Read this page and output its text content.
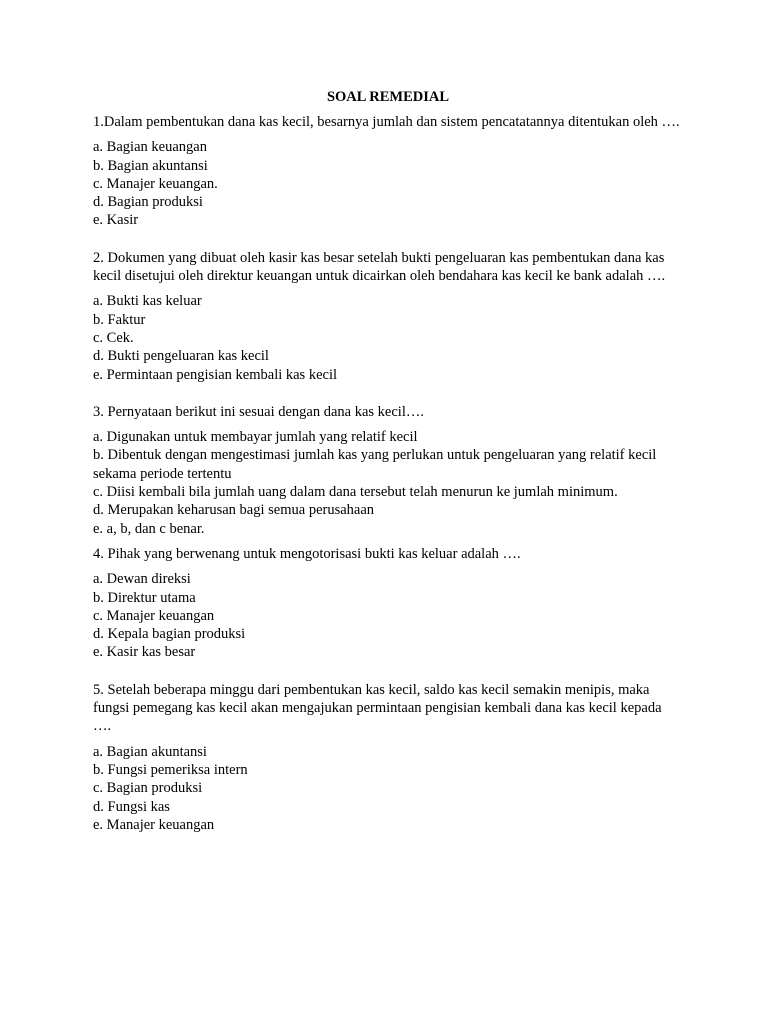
SOAL REMEDIAL

1.Dalam pembentukan dana kas kecil, besarnya jumlah dan sistem pencatatannya ditentukan oleh ….

a. Bagian keuangan
b. Bagian akuntansi
c. Manajer keuangan.
d. Bagian produksi
e. Kasir

2. Dokumen yang dibuat oleh kasir kas besar setelah bukti pengeluaran kas pembentukan dana kas kecil disetujui oleh direktur keuangan untuk dicairkan oleh bendahara kas kecil ke bank adalah ….

a. Bukti kas keluar
b. Faktur
c. Cek.
d. Bukti pengeluaran kas kecil
e. Permintaan pengisian kembali kas kecil

3. Pernyataan berikut ini sesuai dengan dana kas kecil….

a. Digunakan untuk membayar jumlah yang relatif kecil
b. Dibentuk dengan mengestimasi jumlah kas yang perlukan untuk pengeluaran yang relatif kecil sekama periode tertentu
c. Diisi kembali bila jumlah uang dalam dana tersebut telah menurun ke jumlah minimum.
d. Merupakan keharusan bagi semua perusahaan
e. a, b, dan c benar.

4. Pihak yang berwenang untuk mengotorisasi bukti kas keluar adalah ….

a. Dewan direksi
b. Direktur utama
c. Manajer keuangan
d. Kepala bagian produksi
e. Kasir kas besar

5. Setelah beberapa minggu dari pembentukan kas kecil, saldo kas kecil semakin menipis, maka fungsi pemegang kas kecil akan mengajukan permintaan pengisian kembali dana kas kecil kepada ….

a. Bagian akuntansi
b. Fungsi pemeriksa intern
c. Bagian produksi
d. Fungsi kas
e. Manajer keuangan
